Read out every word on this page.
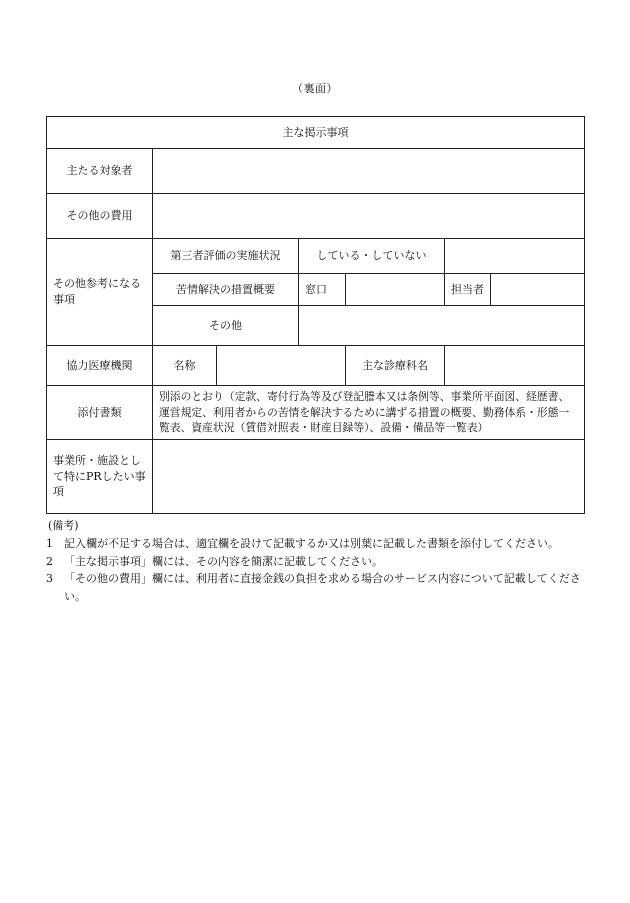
（裏面）
主な掲示事項						
主たる対象者						
その他の費用						
その他参考になる事項	第三者評価の実施状況		している・していない			
	苦情解決の措置概要		窓口		担当者	
	その他					
協力医療機関	名称			主な診療科名		
添付書類	別添のとおり（定款、寄付行為等及び登記謄本又は条例等、事業所平面図、経歴書、運営規定、利用者からの苦情を解決するために講ずる措置の概要、勤務体系・形態一覧表、資産状況（賃借対照表・財産目録等）、設備・備品等一覧表）					
事業所・施設として特にPRしたい事項						
(備考)
1	記入欄が不足する場合は、適宜欄を設けて記載するか又は別葉に記載した書類を添付してください。
2	「主な掲示事項」欄には、その内容を簡潔に記載してください。
3	「その他の費用」欄には、利用者に直接金銭の負担を求める場合のサービス内容について記載してください。
